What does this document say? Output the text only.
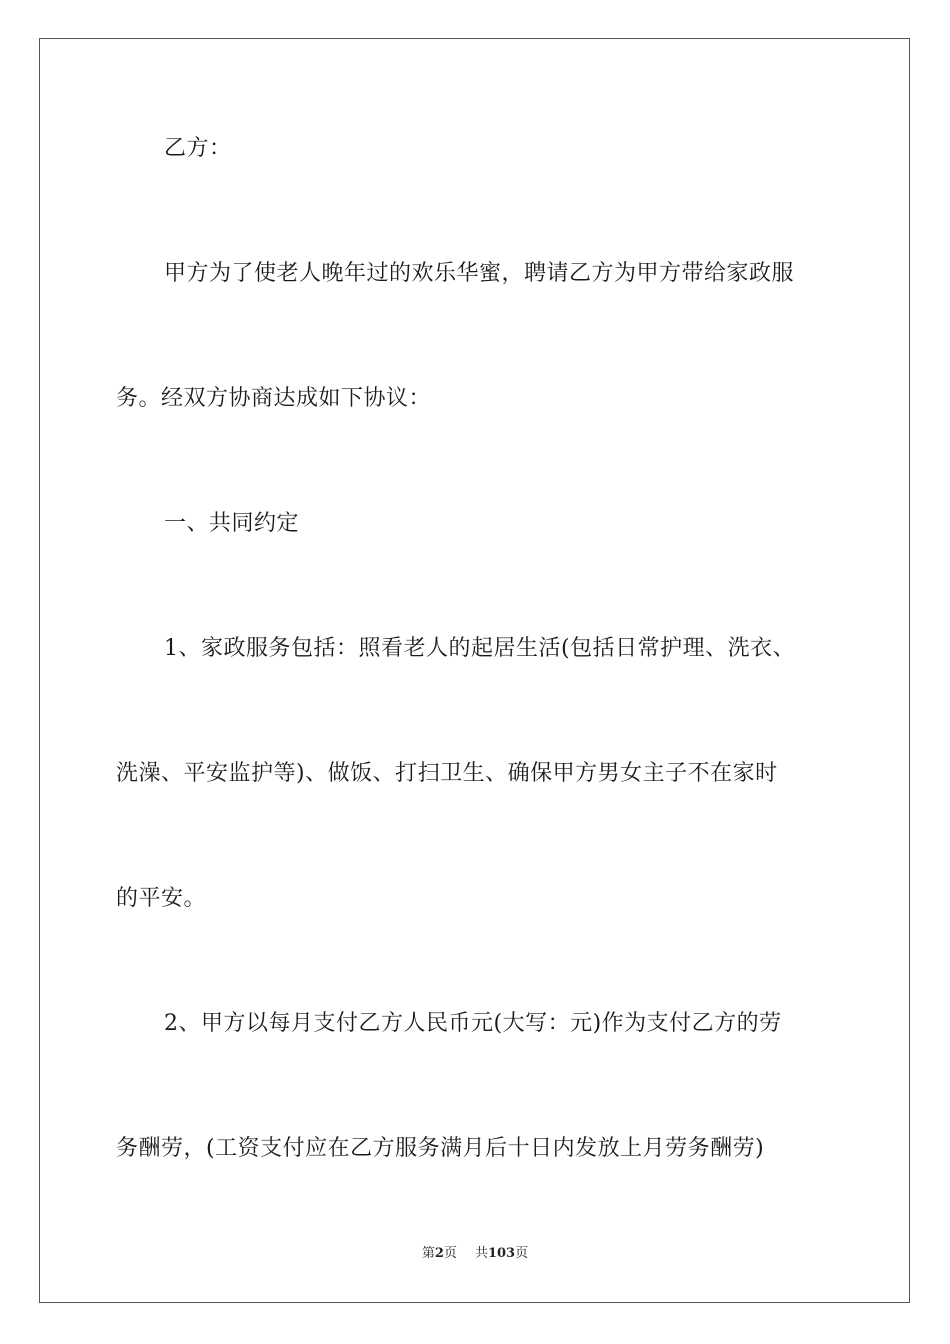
乙方：
甲方为了使老人晚年过的欢乐华蜜，聘请乙方为甲方带给家政服
务。经双方协商达成如下协议：
一、共同约定
1、家政服务包括：照看老人的起居生活(包括日常护理、洗衣、
洗澡、平安监护等)、做饭、打扫卫生、确保甲方男女主子不在家时
的平安。
2、甲方以每月支付乙方人民币元(大写：元)作为支付乙方的劳
务酬劳，(工资支付应在乙方服务满月后十日内发放上月劳务酬劳)
第2页 共103页
